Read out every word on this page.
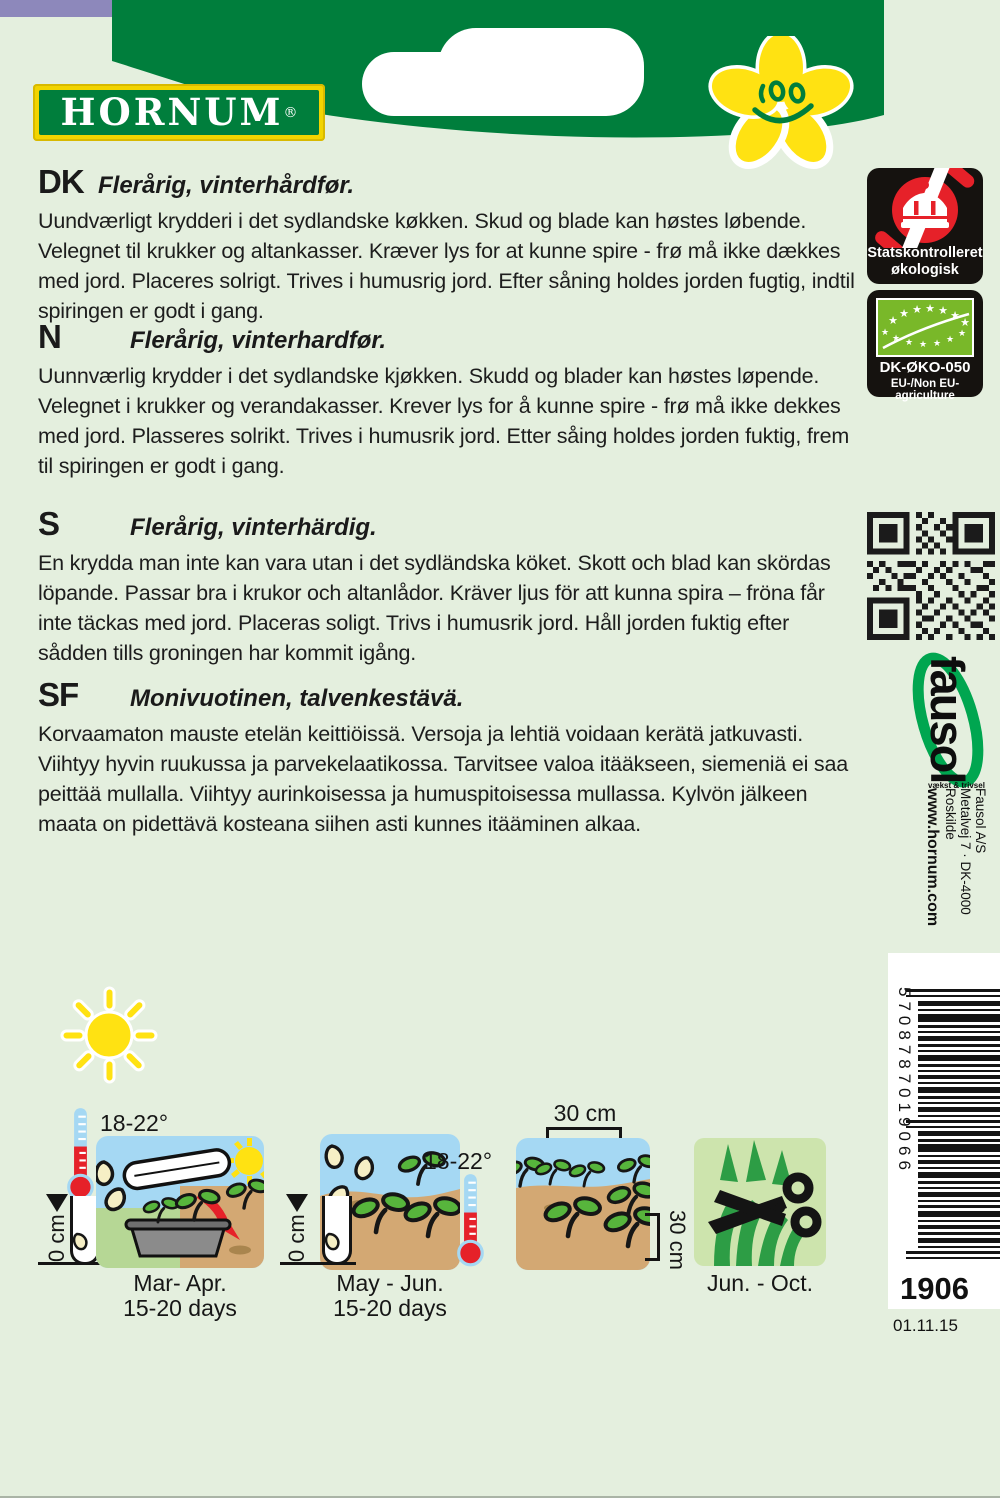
HORNUM ®
DK Flerårig, vinterhårdfør.
Uundværligt krydderi i det sydlandske køkken. Skud og blade kan høstes løbende. Velegnet til krukker og altankasser. Kræver lys for at kunne spire - frø må ikke dækkes med jord. Placeres solrigt. Trives i humusrig jord. Efter såning holdes jorden fugtig, indtil spiringen er godt i gang.
N	Flerårig, vinterhardfør.
Uunnværlig krydder i det sydlandske kjøkken. Skudd og blader kan høstes løpende. Velegnet i krukker og verandakasser. Krever lys for å kunne spire - frø må ikke dekkes med jord. Plasseres solrikt. Trives i humusrik jord. Etter såing holdes jorden fuktig, frem til spiringen er godt i gang.
S	Flerårig, vinterhärdig.
En krydda man inte kan vara utan i det sydländska köket. Skott och blad kan skördas löpande. Passar bra i krukor och altanlådor. Kräver ljus för att kunna spira – fröna får inte täckas med jord. Placeras soligt. Trivs i humusrik jord. Håll jorden fuktig efter sådden tills groningen har kommit igång.
SF	Monivuotinen, talvenkestävä.
Korvaamaton mauste etelän keittiöissä. Versoja ja lehtiä voidaan kerätä jatkuvasti. Viihtyy hyvin ruukussa ja parvekelaatikossa. Tarvitsee valoa itääkseen, siemeniä ei saa peittää mullalla. Viihtyy aurinkoisessa ja humuspitoisessa mullassa. Kylvön jälkeen maata on pidettävä kosteana siihen asti kunnes itääminen alkaa.
Statskontrolleret
økologisk
★
★ ★ ★ ★ ★
★
★
★ ★ ★ ★ ★
★
DK-ØKO-050
EU-/Non EU-agriculture
fausol
vækst & trivsel
Fausol A/S
Metalvej 7 · DK-4000 Roskilde
www.hornum.com
5708787019066
1906
01.11.15
18-22°
0 cm
Mar- Apr.
15-20 days
0 cm
18-22°
May - Jun.
15-20 days
30 cm
30 cm
Jun. - Oct.
